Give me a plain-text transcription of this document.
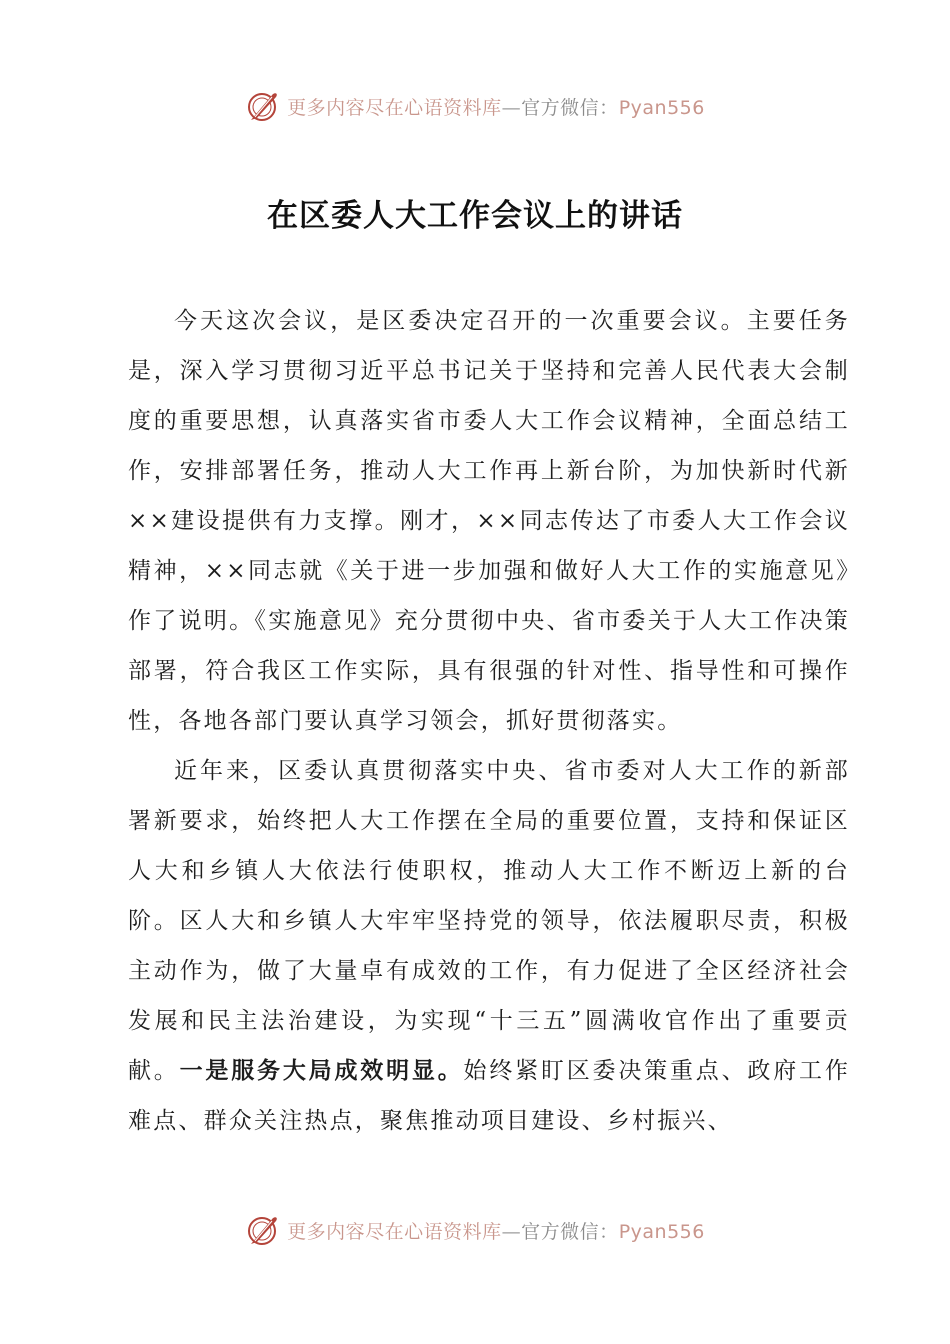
更多内容尽在心语资料库—官方微信：Pyan556
在区委人大工作会议上的讲话

今天这次会议，是区委决定召开的一次重要会议。主要任务 是，深入学习贯彻习近平总书记关于坚持和完善人民代表大会制 度的重要思想，认真落实省市委人大工作会议精神，全面总结工 作，安排部署任务，推动人大工作再上新台阶，为加快新时代新××建设提供有力支撑。刚才，××同志传达了市委人大工作会议精神，××同志就《关于进一步加强和做好人大工作的实施意见》作了说明。《实施意见》充分贯彻中央、省市委关于人大工作决策部署，符合我区工作实际，具有很强的针对性、指导性和可操作性，各地各部门要认真学习领会，抓好贯彻落实。

近年来，区委认真贯彻落实中央、省市委对人大工作的新部 署新要求，始终把人大工作摆在全局的重要位置，支持和保证区 人大和乡镇人大依法行使职权，推动人大工作不断迈上新的台阶。区人大和乡镇人大牢牢坚持党的领导，依法履职尽责，积极主动作为，做了大量卓有成效的工作，有力促进了全区经济社会发展和民主法治建设，为实现“十三五”圆满收官作出了重要贡献。一是服务大局成效明显。始终紧盯区委决策重点、政府工作难点、群众关注热点，聚焦推动项目建设、乡村振兴、

更多内容尽在心语资料库—官方微信：Pyan556
